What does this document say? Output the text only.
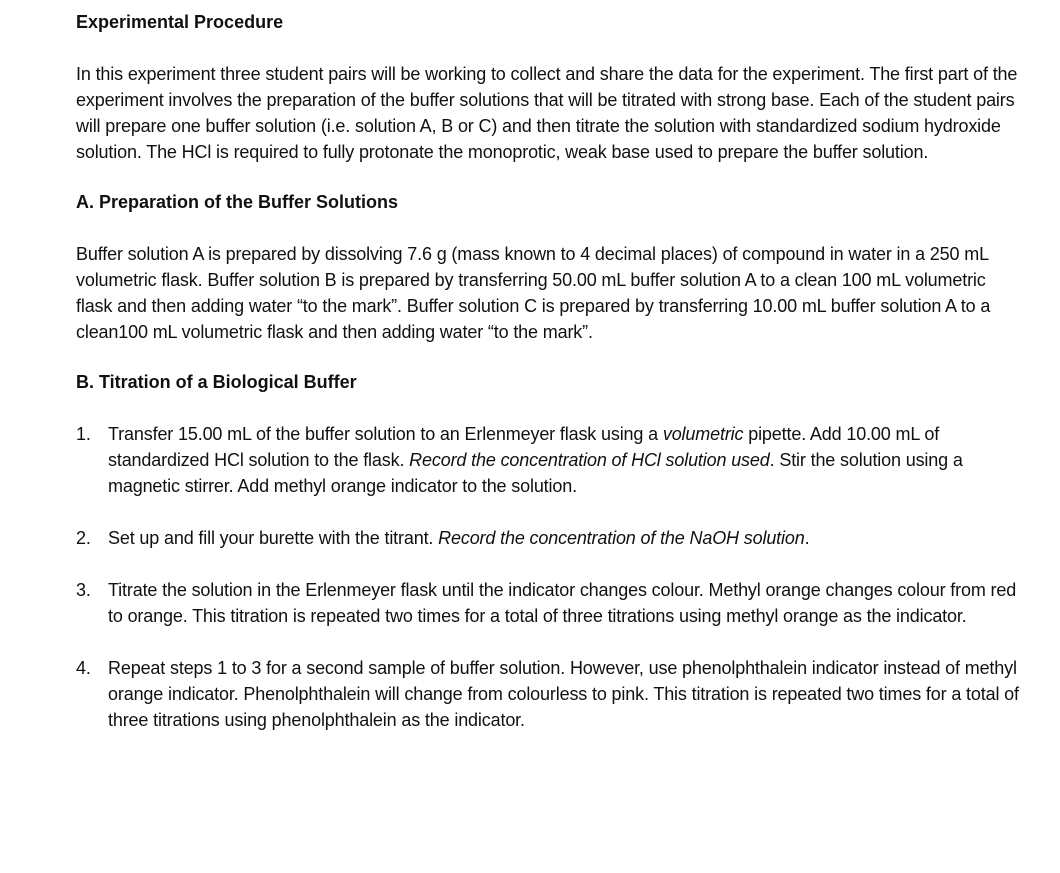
Experimental Procedure

In this experiment three student pairs will be working to collect and share the data for the experiment. The first part of the experiment involves the preparation of the buffer solutions that will be titrated with strong base. Each of the student pairs will prepare one buffer solution (i.e. solution A, B or C) and then titrate the solution with standardized sodium hydroxide solution. The HCl is required to fully protonate the monoprotic, weak base used to prepare the buffer solution.

A. Preparation of the Buffer Solutions

Buffer solution A is prepared by dissolving 7.6 g (mass known to 4 decimal places) of compound in water in a 250 mL volumetric flask. Buffer solution B is prepared by transferring 50.00 mL buffer solution A to a clean 100 mL volumetric flask and then adding water “to the mark”. Buffer solution C is prepared by transferring 10.00 mL buffer solution A to a clean100 mL volumetric flask and then adding water “to the mark”.

B. Titration of a Biological Buffer
1. Transfer 15.00 mL of the buffer solution to an Erlenmeyer flask using a volumetric pipette. Add 10.00 mL of standardized HCl solution to the flask. Record the concentration of HCl solution used. Stir the solution using a magnetic stirrer. Add methyl orange indicator to the solution.
2. Set up and fill your burette with the titrant. Record the concentration of the NaOH solution.
3. Titrate the solution in the Erlenmeyer flask until the indicator changes colour. Methyl orange changes colour from red to orange. This titration is repeated two times for a total of three titrations using methyl orange as the indicator.
4. Repeat steps 1 to 3 for a second sample of buffer solution. However, use phenolphthalein indicator instead of methyl orange indicator. Phenolphthalein will change from colourless to pink. This titration is repeated two times for a total of three titrations using phenolphthalein as the indicator.
